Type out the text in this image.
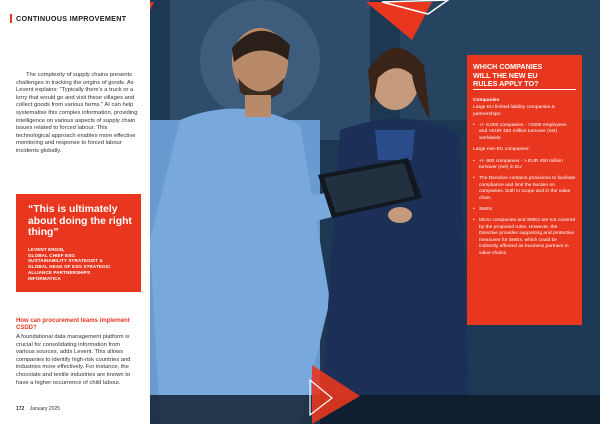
CONTINUOUS IMPROVEMENT

The complexity of supply chains presents challenges in tracking the origins of goods. As Levent explains: "Typically there's a truck or a lorry that would go and visit these villages and collect goods from various farms." AI can help systematise this complex information, providing intelligence on various aspects of supply chain issues related to forced labour. This technological approach enables more effective monitoring and response to forced labour incidents globally.

“This is ultimately about doing the right thing”
LEVENT ERGIN,
GLOBAL CHIEF ESG
SUSTAINABILITY STRATEGIST &
GLOBAL HEAD OF ESG STRATEGIC
ALLIANCE PARTNERSHIPS
INFORMATICA
How can procurement teams implement CSDD?

A foundational data management platform is crucial for consolidating information from various sources, adds Levent. This allows companies to identify high-risk countries and industries more effectively. For instance, the chocolate and textile industries are known to have a higher occurrence of child labour.

172 January 2025
WHICH COMPANIES
WILL THE NEW EU
RULES APPLY TO?
Companies
Large EU limited liability companies & partnerships:
• +/- 6,000 companies - >1000 employees and >EUR 450 million turnover (net) worldwide
Large non-EU companies:
• +/- 900 companies - > EUR 450 million turnover (net) in EU
• The Directive contains provisions to facilitate compliance and limit the burden on companies, both in scope and in the value chain
• SMEs
• Micro companies and SMEs are not covered by the proposed rules. However, the Directive provides supporting and protective measures for SMEs, which could be indirectly affected as business partners in value chains.
